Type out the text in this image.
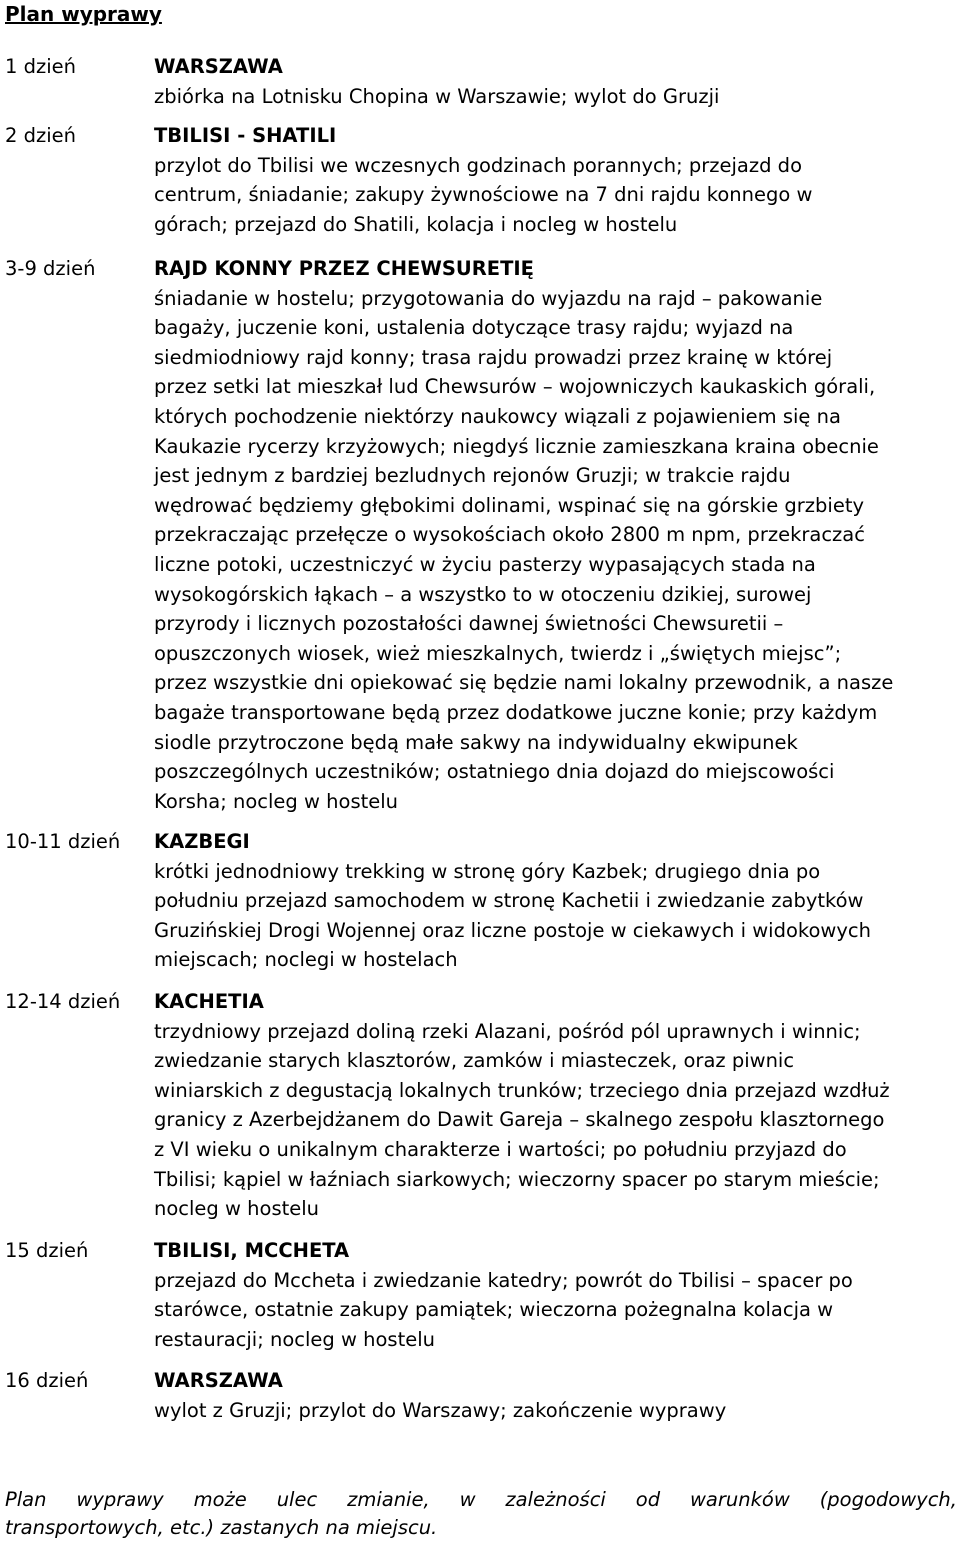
Plan wyprawy
1 dzień	WARSZAWA
zbiórka na Lotnisku Chopina w Warszawie; wylot do Gruzji
2 dzień	TBILISI - SHATILI
przylot do Tbilisi we wczesnych godzinach porannych; przejazd do
centrum, śniadanie; zakupy żywnościowe na 7 dni rajdu konnego w
górach; przejazd do Shatili, kolacja i nocleg w hostelu
3-9 dzień	RAJD KONNY PRZEZ CHEWSURETIĘ
śniadanie w hostelu; przygotowania do wyjazdu na rajd – pakowanie
bagaży, juczenie koni, ustalenia dotyczące trasy rajdu; wyjazd na
siedmiodniowy rajd konny; trasa rajdu prowadzi przez krainę w której
przez setki lat mieszkał lud Chewsurów – wojowniczych kaukaskich górali,
których pochodzenie niektórzy naukowcy wiązali z pojawieniem się na
Kaukazie rycerzy krzyżowych; niegdyś licznie zamieszkana kraina obecnie
jest jednym z bardziej bezludnych rejonów Gruzji; w trakcie rajdu
wędrować będziemy głębokimi dolinami, wspinać się na górskie grzbiety
przekraczając przełęcze o wysokościach około 2800 m npm, przekraczać
liczne potoki, uczestniczyć w życiu pasterzy wypasających stada na
wysokogórskich łąkach – a wszystko to w otoczeniu dzikiej, surowej
przyrody i licznych pozostałości dawnej świetności Chewsuretii –
opuszczonych wiosek, wież mieszkalnych, twierdz i „świętych miejsc”;
przez wszystkie dni opiekować się będzie nami lokalny przewodnik, a nasze
bagaże transportowane będą przez dodatkowe juczne konie; przy każdym
siodle przytroczone będą małe sakwy na indywidualny ekwipunek
poszczególnych uczestników; ostatniego dnia dojazd do miejscowości
Korsha; nocleg w hostelu
10-11 dzień KAZBEGI
krótki jednodniowy trekking w stronę góry Kazbek; drugiego dnia po
południu przejazd samochodem w stronę Kachetii i zwiedzanie zabytków
Gruzińskiej Drogi Wojennej oraz liczne postoje w ciekawych i widokowych
miejscach; noclegi w hostelach
12-14 dzień KACHETIA
trzydniowy przejazd doliną rzeki Alazani, pośród pól uprawnych i winnic;
zwiedzanie starych klasztorów, zamków i miasteczek, oraz piwnic
winiarskich z degustacją lokalnych trunków; trzeciego dnia przejazd wzdłuż
granicy z Azerbejdżanem do Dawit Gareja – skalnego zespołu klasztornego
z VI wieku o unikalnym charakterze i wartości; po południu przyjazd do
Tbilisi; kąpiel w łaźniach siarkowych; wieczorny spacer po starym mieście;
nocleg w hostelu
15 dzień	TBILISI, MCCHETA
przejazd do Mccheta i zwiedzanie katedry; powrót do Tbilisi – spacer po
starówce, ostatnie zakupy pamiątek; wieczorna pożegnalna kolacja w
restauracji; nocleg w hostelu
16 dzień	WARSZAWA
wylot z Gruzji; przylot do Warszawy; zakończenie wyprawy
Plan wyprawy może ulec zmianie, w zależności od warunków (pogodowych,
transportowych, etc.) zastanych na miejscu.
